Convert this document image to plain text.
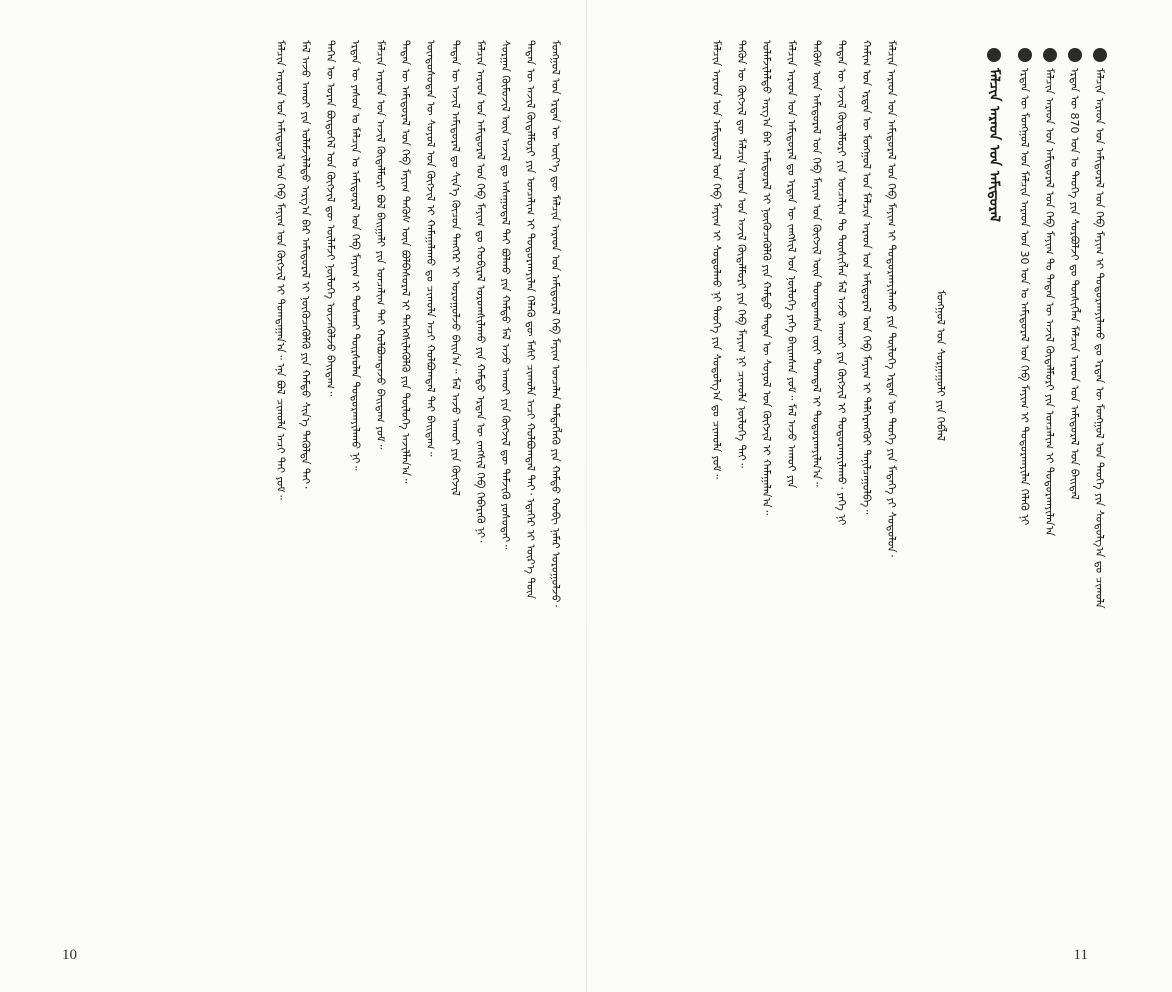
ᠮᠣᠩᠭᠣᠯ ᠤᠨ ᠡᠷᠲᠡᠨ ᠦ ᠦᠶ᠎ᠡ ᠳᠦ ᠮᠠᠯᠴᠢᠨ ᠠᠷᠠᠳ ᠤᠨ ᠠᠮᠢᠳᠤᠷᠠᠯ ᠬᠡᠪ ᠮᠠᠶᠢᠭ ᠣᠨᠴᠠᠯᠠᠨ ᠲᠡᠮᠳᠡᠭᠯᠡᠬᠦ ᠶᠢᠨ ᠬᠠᠮᠲᠤ ᠬᠤᠪᠢ ᠨᠡᠮᠡᠷ ᠣᠷᠣᠭᠤᠯᠵᠤ᠂
ᠲᠡᠳᠡᠨ ᠦ ᠠᠵᠢᠯ ᠬᠥᠳᠡᠯᠮᠦᠷᠢ ᠶᠢᠨ ᠣᠨᠴᠠᠯᠢᠭ ᠢ ᠲᠣᠳᠣᠷᠬᠠᠶᠢᠯᠠᠨ ᠬᠡᠯᠡᠬᠦ ᠳᠦ ᠮᠠᠰᠢ ᠴᠢᠬᠤᠯᠠ ᠠᠴᠢ ᠬᠣᠯᠪᠣᠭᠳᠠᠯ ᠲᠠᠢ᠂ ᠡᠳᠡᠭᠡᠷ ᠢ ᠦᠷ᠎ᠡ ᠳᠦᠨ
ᠰᠤᠷᠭᠠᠨ ᠬᠦᠮᠦᠵᠢᠯ ᠦᠨ ᠠᠵᠢᠯ ᠳᠤ ᠠᠰᠠᠭᠤᠳᠠᠯ ᠲᠠᠢ ᠪᠣᠯᠬᠤ ᠶᠢᠨ ᠬᠠᠮᠲᠤ ᠮᠠᠯ ᠠᠵᠤ ᠠᠬᠤᠢ ᠶᠢᠨ ᠬᠥᠭᠵᠢᠯ ᠳᠦ ᠳᠡᠮᠵᠢᠬᠦ ᠶᠤᠰᠤᠲᠠᠢ᠃
ᠮᠠᠯᠴᠢᠨ ᠠᠷᠠᠳ ᠤᠨ ᠠᠮᠢᠳᠤᠷᠠᠯ ᠤᠨ ᠬᠡᠪ ᠮᠠᠶᠢᠭ ᠳᠤ ᠬᠤᠪᠢᠷᠠᠯ ᠤᠷᠤᠭᠰᠢᠯᠠᠬᠤ ᠶᠢᠨ ᠬᠠᠮᠲᠤ ᠡᠷᠲᠡᠨ ᠦ ᠵᠠᠩᠰᠢᠯ ᠬᠡᠪ ᠬᠡᠪᠡᠷᠡᠬᠦ ᠨᠢ᠂
ᠲᠡᠳᠡᠨ ᠦ ᠠᠵᠢᠯ ᠠᠮᠢᠳᠤᠷᠠᠯ ᠳᠤ ᠰᠢᠨ᠎ᠡ ᠬᠦᠴᠦᠨ ᠲᠡᠩᠭᠡᠷ ᠢ ᠣᠷᠣᠭᠤᠯᠵᠤ ᠪᠠᠢᠨ᠎ᠠ᠃ ᠮᠠᠯ ᠠᠵᠤ ᠠᠬᠤᠢ ᠶᠢᠨ ᠬᠥᠭᠵᠢᠯ
ᠦᠨᠳᠦᠰᠦᠲᠡᠨ ᠦ ᠰᠣᠶᠣᠯ ᠤᠨ ᠬᠥᠭᠵᠢᠯ ᠢ ᠬᠠᠮᠠᠭᠠᠯᠠᠬᠤ ᠳᠤ ᠴᠢᠬᠤᠯᠠ ᠠᠴᠢ ᠬᠣᠯᠪᠣᠭᠳᠠᠯ ᠲᠠᠢ ᠪᠠᠢᠳᠠᠭ᠃
ᠲᠡᠳᠡᠨ ᠦ ᠠᠮᠢᠳᠤᠷᠠᠯ ᠤᠨ ᠬᠡᠪ ᠮᠠᠶᠢᠭ ᠲᠡᠭᠦᠰ ᠦᠨ ᠪᠣᠯᠪᠠᠰᠤᠷᠠᠯ ᠢ ᠳᠡᠭᠡᠭᠰᠢᠯᠡᠭᠦᠯᠬᠦ ᠶᠢᠨ ᠲᠥᠯᠥᠭᠡ ᠠᠵᠢᠯᠯᠠᠨ᠎ᠠ᠃
ᠮᠠᠯᠴᠢᠨ ᠠᠷᠠᠳ ᠤᠨ ᠠᠵᠢᠯ ᠬᠥᠳᠡᠯᠮᠦᠷᠢ ᠪᠣᠯ ᠪᠠᠢᠭᠠᠯᠢ ᠶᠢᠨ ᠣᠨᠴᠠᠯᠢᠭ ᠲᠠᠢ ᠬᠣᠯᠪᠣᠭᠳᠠᠵᠤ ᠪᠠᠢᠳᠠᠭ ᠶᠤᠮ᠃
ᠡᠷᠲᠡᠨ ᠦ ᠶᠠᠰᠤᠨ ᠤ ᠮᠠᠯᠴᠢᠨ ᠤ ᠠᠮᠢᠳᠤᠷᠠᠯ ᠤᠨ ᠬᠡᠪ ᠮᠠᠶᠢᠭ ᠢ ᠲᠤᠰᠬᠠᠢ ᠳᠦᠷᠰᠦᠯᠡᠨ ᠲᠣᠳᠣᠷᠬᠠᠶᠢᠯᠠᠬᠤ ᠨᠢ᠃
ᠲᠡᠭᠡᠨ ᠦ ᠤᠷᠠᠨ ᠪᠦᠲᠦᠭᠡᠯ ᠤᠨ ᠬᠥᠭᠵᠢᠯ ᠳᠦ ᠦᠯᠡᠮᠵᠢ ᠨᠥᠯᠥᠭᠡ ᠦᠵᠡᠭᠦᠯᠵᠦ ᠪᠠᠢᠳᠠᠭ᠃
ᠮᠠᠯ ᠠᠵᠤ ᠠᠬᠤᠢ ᠶᠢᠨ ᠤᠯᠠᠮᠵᠢᠯᠠᠯᠲᠤ ᠠᠷᠭ᠎ᠠ ᠪᠠᠷ ᠠᠮᠢᠳᠤᠷᠠᠯ ᠢ ᠨᠥᠭᠦᠴᠡᠭᠦᠯᠬᠦ ᠶᠢᠨ ᠬᠠᠮᠲᠤ ᠰᠢᠨ᠎ᠡ ᠲᠡᠭᠦᠯᠲᠡ ᠲᠠᠢ᠂
ᠮᠠᠯᠴᠢᠨ ᠠᠷᠠᠳ ᠤᠨ ᠠᠮᠢᠳᠤᠷᠠᠯ ᠤᠨ ᠬᠡᠪ ᠮᠠᠶᠢᠭ ᠤᠨ ᠬᠥᠭᠵᠢᠯ ᠢ ᠲᠣᠭᠲᠠᠭᠠᠨ᠎ᠠ᠃ ᠡᠨᠡ ᠪᠣᠯ ᠴᠢᠬᠤᠯᠠ ᠠᠴᠢ ᠲᠠᠢ ᠶᠤᠮ᠃
10
ᠮᠠᠯᠴᠢᠨ ᠠᠷᠠᠳ ᠤᠨ ᠠᠮᠢᠳᠤᠷᠠᠯ ᠤᠨ ᠬᠡᠪ ᠮᠠᠶᠢᠭ ᠢ ᠲᠣᠳᠣᠷᠬᠠᠶᠢᠯᠠᠬᠤ ᠳᠤ ᠡᠷᠲᠡᠨ ᠦ ᠮᠣᠩᠭᠣᠯ ᠤᠨ ᠲᠡᠦᠬᠡ ᠶᠢᠨ ᠰᠤᠳᠤᠯᠭ᠎ᠠ ᠳᠤ ᠴᠢᠬᠤᠯᠠ
ᠡᠷᠲᠡᠨ ᠦ 870 ᠣᠨ ᠤ ᠲᠡᠦᠬᠡ ᠶᠢᠨ ᠰᠤᠷᠪᠤᠯᠵᠢ ᠳᠤ ᠲᠦᠰᠢᠭᠯᠡᠨ ᠮᠠᠯᠴᠢᠨ ᠠᠷᠠᠳ ᠤᠨ ᠠᠮᠢᠳᠤᠷᠠᠯ ᠤᠨ ᠪᠠᠢᠳᠠᠯ
ᠮᠠᠯᠴᠢᠨ ᠠᠷᠠᠳ ᠤᠨ ᠠᠮᠢᠳᠤᠷᠠᠯ ᠤᠨ ᠬᠡᠪ ᠮᠠᠶᠢᠭ ᠲᠤ ᠲᠡᠳᠡᠨ ᠦ ᠠᠵᠢᠯ ᠬᠥᠳᠡᠯᠮᠦᠷᠢ ᠶᠢᠨ ᠣᠨᠴᠠᠯᠢᠭ ᠢ ᠲᠣᠳᠣᠷᠬᠠᠶᠢᠯᠠᠨ᠎ᠠ
ᠡᠷᠲᠡᠨ ᠦ ᠮᠣᠩᠭᠣᠯ ᠤᠨ ᠮᠠᠯᠴᠢᠨ ᠠᠷᠠᠳ ᠤᠨ 30 ᠣᠨ ᠤ ᠠᠮᠢᠳᠤᠷᠠᠯ ᠤᠨ ᠬᠡᠪ ᠮᠠᠶᠢᠭ ᠢ ᠲᠣᠳᠣᠷᠬᠠᠶᠢᠯᠠᠨ ᠬᠡᠯᠡᠬᠦ ᠨᠢ
ᠮᠠᠯᠴᠢᠨ ᠠᠷᠠᠳ ᠤᠨ ᠠᠮᠢᠳᠤᠷᠠᠯ
ᠮᠣᠩᠭᠣᠯ ᠤᠨ ᠰᠤᠷᠭᠠᠭᠤᠯᠢ ᠶᠢᠨ ᠬᠡᠪᠯᠡᠯ
ᠮᠠᠯᠴᠢᠨ ᠠᠷᠠᠳ ᠤᠨ ᠠᠮᠢᠳᠤᠷᠠᠯ ᠤᠨ ᠬᠡᠪ ᠮᠠᠶᠢᠭ ᠢ ᠲᠣᠳᠣᠷᠬᠠᠶᠢᠯᠠᠬᠤ ᠶᠢᠨ ᠲᠥᠯᠥᠭᠡ ᠡᠷᠲᠡᠨ ᠦ ᠲᠡᠦᠬᠡ ᠶᠢᠨ ᠮᠡᠳᠡᠭᠡ ᠶᠢ ᠰᠤᠳᠤᠯᠤᠨ᠂
ᠬᠠᠮᠢᠭ ᠤᠨ ᠡᠷᠲᠡᠨ ᠦ ᠮᠣᠩᠭᠣᠯ ᠤᠨ ᠮᠠᠯᠴᠢᠨ ᠠᠷᠠᠳ ᠤᠨ ᠠᠮᠢᠳᠤᠷᠠᠯ ᠤᠨ ᠬᠡᠪ ᠮᠠᠶᠢᠭ ᠢ ᠳᠡᠯᠭᠡᠷᠡᠩᠭᠦᠢ ᠲᠠᠨᠢᠯᠴᠠᠭᠤᠯᠪᠠ᠃
ᠲᠡᠳᠡᠨ ᠦ ᠠᠵᠢᠯ ᠬᠥᠳᠡᠯᠮᠦᠷᠢ ᠶᠢᠨ ᠣᠨᠴᠠᠯᠢᠭ ᠲᠤ ᠲᠦᠰᠢᠭᠯᠡᠨ ᠮᠠᠯ ᠠᠵᠤ ᠠᠬᠤᠢ ᠶᠢᠨ ᠬᠥᠭᠵᠢᠯ ᠢ ᠲᠣᠳᠣᠷᠬᠠᠶᠢᠯᠠᠬᠤ᠂ ᠶᠡᠬᠡ ᠨᠢ
ᠲᠡᠭᠦᠰ ᠦᠨ ᠠᠮᠢᠳᠤᠷᠠᠯ ᠤᠨ ᠬᠡᠪ ᠮᠠᠶᠢᠭ ᠤᠨ ᠬᠥᠭᠵᠢᠯ ᠦᠨ ᠲᠣᠭᠲᠠᠭᠰᠠᠨ ᠵᠦᠢ ᠲᠣᠭᠲᠠᠯ ᠢ ᠲᠣᠳᠣᠷᠬᠠᠶᠢᠯᠠᠨ᠎ᠠ᠃
ᠮᠠᠯᠴᠢᠨ ᠠᠷᠠᠳ ᠤᠨ ᠠᠮᠢᠳᠤᠷᠠᠯ ᠳᠤ ᠡᠷᠲᠡᠨ ᠦ ᠵᠠᠩᠰᠢᠯ ᠤᠨ ᠨᠥᠯᠥᠭᠡ ᠶᠡᠬᠡ ᠪᠠᠢᠭᠰᠠᠨ ᠶᠤᠮ᠃ ᠮᠠᠯ ᠠᠵᠤ ᠠᠬᠤᠢ ᠶᠢᠨ
ᠤᠯᠠᠮᠵᠢᠯᠠᠯᠲᠤ ᠠᠷᠭ᠎ᠠ ᠪᠠᠷ ᠠᠮᠢᠳᠤᠷᠠᠯ ᠢ ᠨᠥᠭᠦᠴᠡᠭᠦᠯᠬᠦ ᠶᠢᠨ ᠬᠠᠮᠲᠤ ᠲᠡᠳᠡᠨ ᠦ ᠰᠣᠶᠣᠯ ᠤᠨ ᠬᠥᠭᠵᠢᠯ ᠢ ᠬᠠᠮᠠᠭᠠᠯᠠᠨ᠎ᠠ᠃
ᠲᠡᠭᠦᠨ ᠦ ᠬᠥᠭᠵᠢᠯ ᠳᠦ ᠮᠠᠯᠴᠢᠨ ᠠᠷᠠᠳ ᠤᠨ ᠠᠵᠢᠯ ᠬᠥᠳᠡᠯᠮᠦᠷᠢ ᠶᠢᠨ ᠬᠡᠪ ᠮᠠᠶᠢᠭ ᠨᠢ ᠴᠢᠬᠤᠯᠠ ᠨᠥᠯᠥᠭᠡ ᠲᠠᠢ᠃
ᠮᠠᠯᠴᠢᠨ ᠠᠷᠠᠳ ᠤᠨ ᠠᠮᠢᠳᠤᠷᠠᠯ ᠤᠨ ᠬᠡᠪ ᠮᠠᠶᠢᠭ ᠢ ᠰᠤᠳᠤᠯᠬᠤ ᠨᠢ ᠲᠡᠦᠬᠡ ᠶᠢᠨ ᠰᠤᠳᠤᠯᠭ᠎ᠠ ᠳᠤ ᠴᠢᠬᠤᠯᠠ ᠶᠤᠮ᠃
11
